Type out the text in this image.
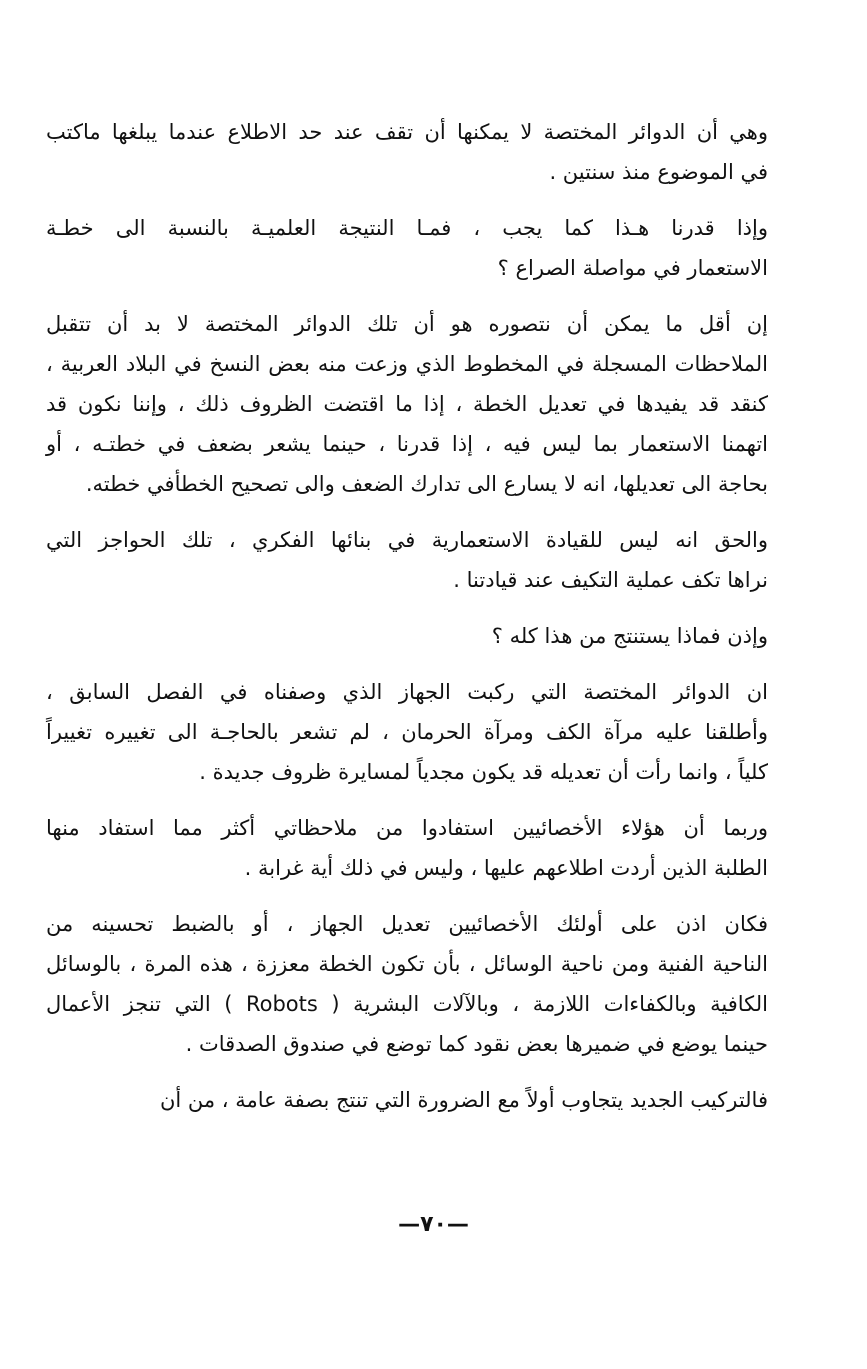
وهي أن الدوائر المختصة لا يمكنها أن تقف عند حد الاطلاع عندما يبلغها ماكتب
في الموضوع منذ سنتين .

وإذا قدرنا هـذا كما يجب ، فمـا النتيجة العلميـة بالنسبة الى خطـة
الاستعمار في مواصلة الصراع ؟

إن أقل ما يمكن أن نتصوره هو أن تلك الدوائر المختصة لا بد أن تتقبل
الملاحظات المسجلة في المخطوط الذي وزعت منه بعض النسخ في البلاد العربية ،
كنقد قد يفيدها في تعديل الخطة ، إذا ما اقتضت الظروف ذلك ، وإننا نكون قد
اتهمنا الاستعمار بما ليس فيه ، إذا قدرنا ، حينما يشعر بضعف في خطتـه ، أو
بحاجة الى تعديلها، انه لا يسارع الى تدارك الضعف والى تصحيح الخطأفي خطته.

والحق انه ليس للقيادة الاستعمارية في بنائها الفكري ، تلك الحواجز التي
نراها تكف عملية التكيف عند قيادتنا .

وإذن فماذا يستنتج من هذا كله ؟

ان الدوائر المختصة التي ركبت الجهاز الذي وصفناه في الفصل السابق ،
وأطلقنا عليه مرآة الكف ومرآة الحرمان ، لم تشعر بالحاجـة الى تغييره تغييراً
كلياً ، وانما رأت أن تعديله قد يكون مجدياً لمسايرة ظروف جديدة .

وربما أن هؤلاء الأخصائيين استفادوا من ملاحظاتي أكثر مما استفاد منها
الطلبة الذين أردت اطلاعهم عليها ، وليس في ذلك أية غرابة .

فكان اذن على أولئك الأخصائيين تعديل الجهاز ، أو بالضبط تحسينه من
الناحية الفنية ومن ناحية الوسائل ، بأن تكون الخطة معززة ، هذه المرة ، بالوسائل
الكافية وبالكفاءات اللازمة ، وبالآلات البشرية ( Robots ) التي تنجز الأعمال
حينما يوضع في ضميرها بعض نقود كما توضع في صندوق الصدقات .

فالتركيب الجديد يتجاوب أولاً مع الضرورة التي تنتج بصفة عامة ، من أن

—٧٠—
